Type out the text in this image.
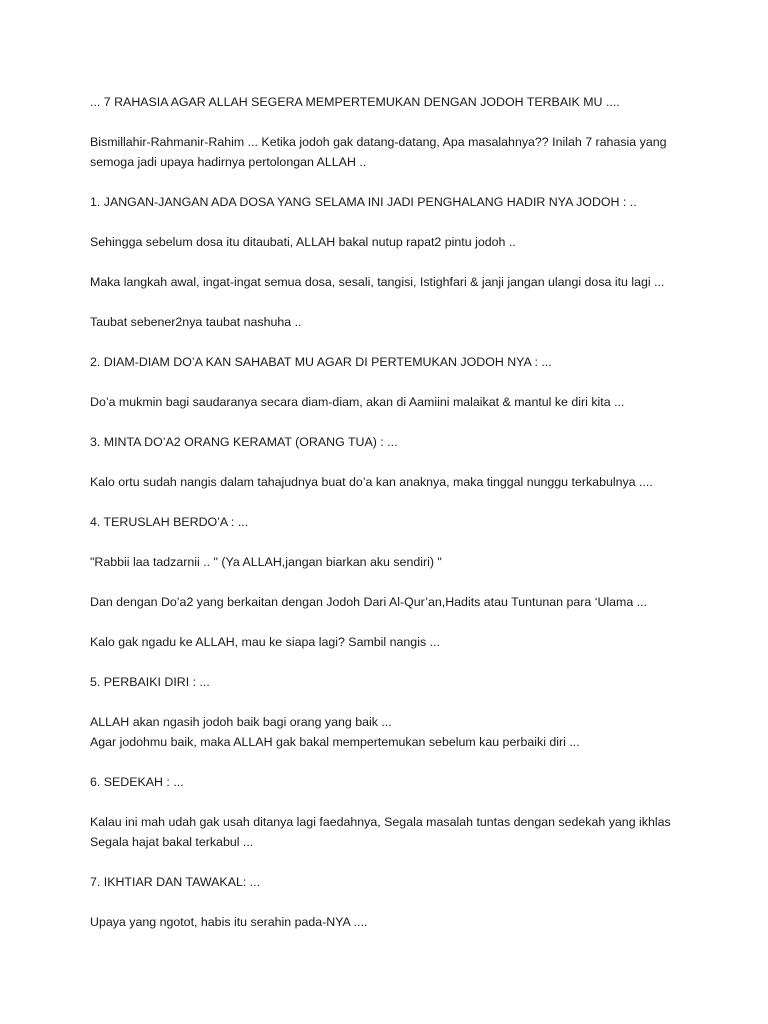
... 7 RAHASIA AGAR ALLAH SEGERA MEMPERTEMUKAN DENGAN JODOH TERBAIK MU ....

Bismillahir-Rahmanir-Rahim ... Ketika jodoh gak datang-datang, Apa masalahnya?? Inilah 7 rahasia yang

semoga jadi upaya hadirnya pertolongan ALLAH ..

1. JANGAN-JANGAN ADA DOSA YANG SELAMA INI JADI PENGHALANG HADIR NYA JODOH : ..

Sehingga sebelum dosa itu ditaubati, ALLAH bakal nutup rapat2 pintu jodoh ..

Maka langkah awal, ingat-ingat semua dosa, sesali, tangisi, Istighfari & janji jangan ulangi dosa itu lagi ...

Taubat sebener2nya taubat nashuha ..

2. DIAM-DIAM DO’A KAN SAHABAT MU AGAR DI PERTEMUKAN JODOH NYA : ...

Do’a mukmin bagi saudaranya secara diam-diam, akan di Aamiini malaikat & mantul ke diri kita ...

3. MINTA DO’A2 ORANG KERAMAT (ORANG TUA) : ...

Kalo ortu sudah nangis dalam tahajudnya buat do’a kan anaknya, maka tinggal nunggu terkabulnya ....

4. TERUSLAH BERDO’A : ...

"Rabbii laa tadzarnii .. " (Ya ALLAH,jangan biarkan aku sendiri) "

Dan dengan Do’a2 yang berkaitan dengan Jodoh Dari Al-Qur’an,Hadits atau Tuntunan para ‘Ulama ...

Kalo gak ngadu ke ALLAH, mau ke siapa lagi? Sambil nangis ...

5. PERBAIKI DIRI : ...

ALLAH akan ngasih jodoh baik bagi orang yang baik ...

Agar jodohmu baik, maka ALLAH gak bakal mempertemukan sebelum kau perbaiki diri ...

6. SEDEKAH : ...

Kalau ini mah udah gak usah ditanya lagi faedahnya, Segala masalah tuntas dengan sedekah yang ikhlas

Segala hajat bakal terkabul ...

7. IKHTIAR DAN TAWAKAL: ...

Upaya yang ngotot, habis itu serahin pada-NYA ....
